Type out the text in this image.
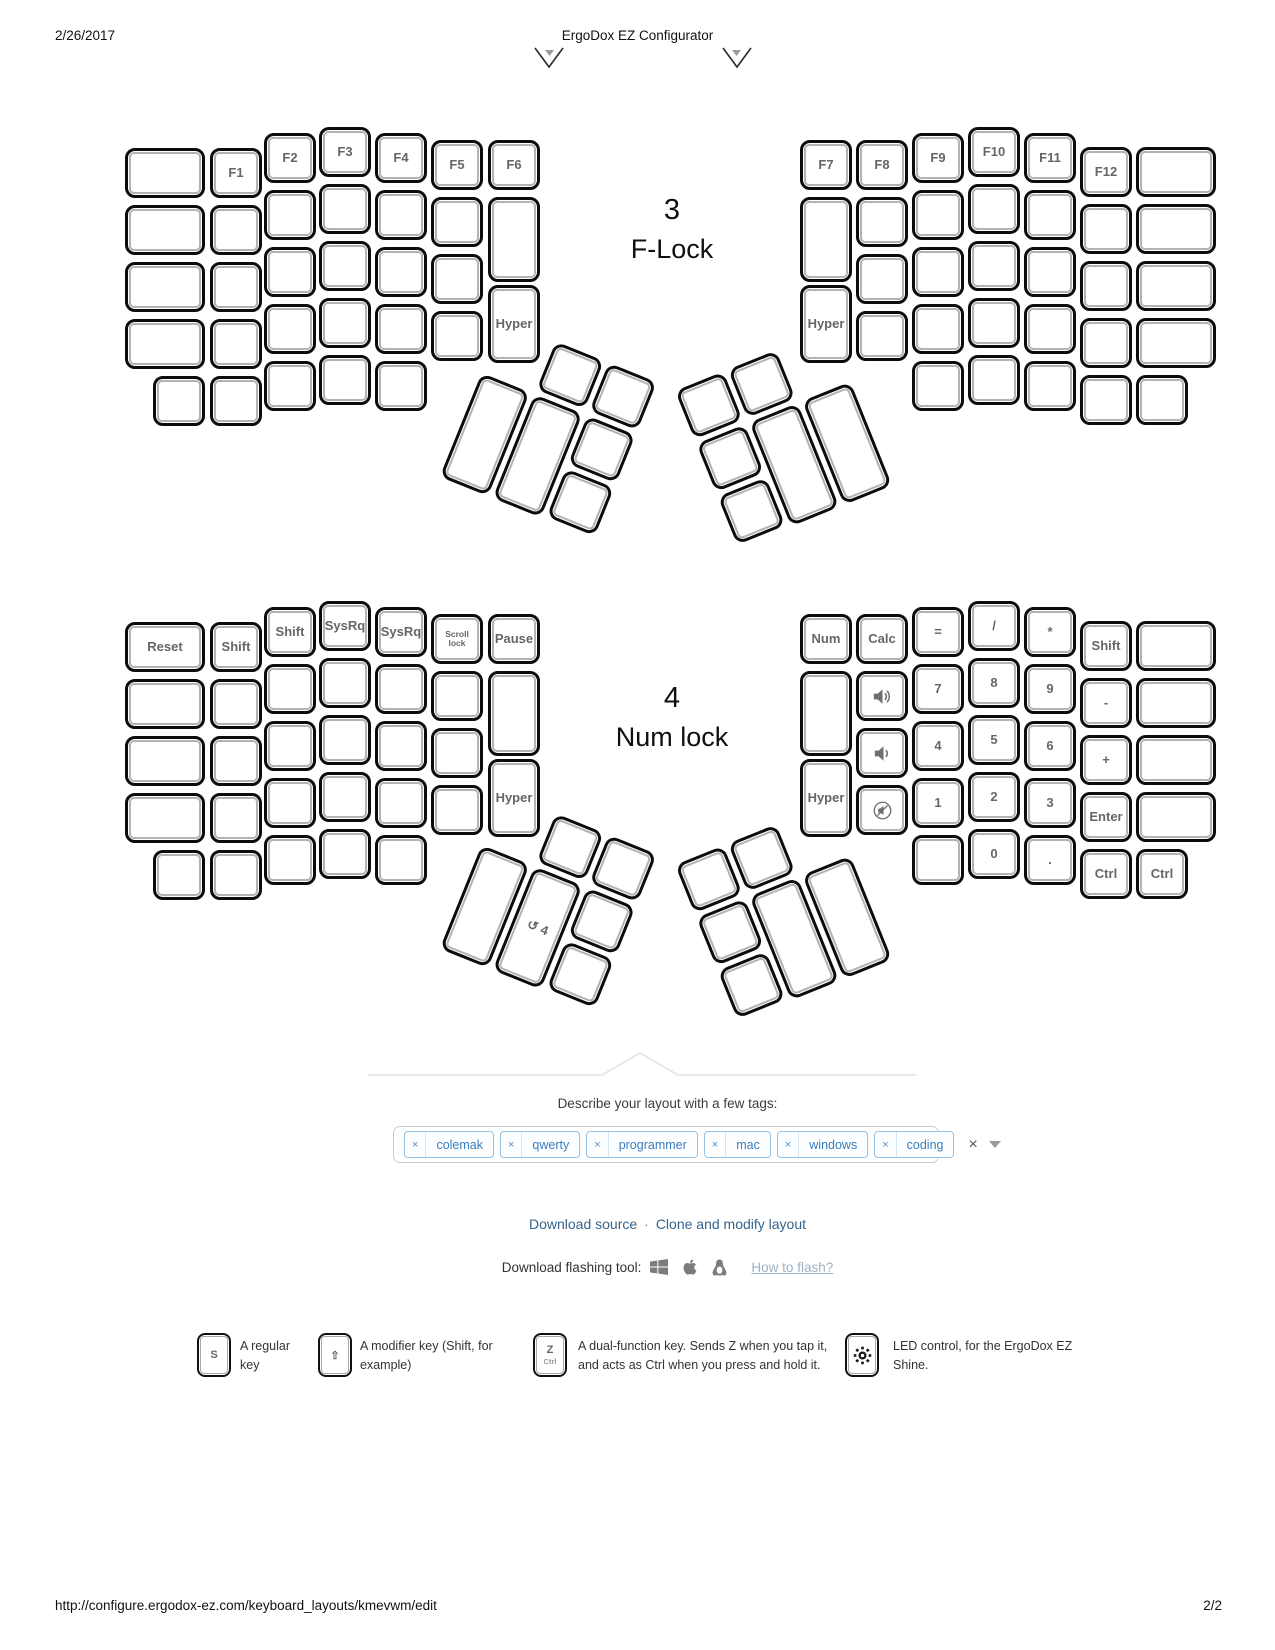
2/26/2017	ErgoDox EZ Configurator
3
F-Lock
4
Num lock
F1
F2	F3	F4	F5	F6
Hyper
F7
Hyper
F8	F9	F10	F11
F12
Reset	Shift
Shift	SysRq SysRq	Scroll lock	Pause
Hyper
↺ 4
Num
Hyper
Calc	=
7
4
1
/
8
5
2
*
9
6
3
Shift
-
+
Enter
0	.
Ctrl	Ctrl
Describe your layout with a few tags:
×	colemak	×	qwerty	×	programmer	×	mac	×	windows	×	coding	×
Download source · Clone and modify layout
Download flashing tool:	How to flash?
S
A regular key
⇧
A modifier key (Shift, for example)
Z
Ctrl
A dual-function key. Sends Z when you tap it, and acts as Ctrl when you press and hold it.
LED control, for the ErgoDox EZ Shine.
http://configure.ergodox-ez.com/keyboard_layouts/kmevwm/edit	2/2
